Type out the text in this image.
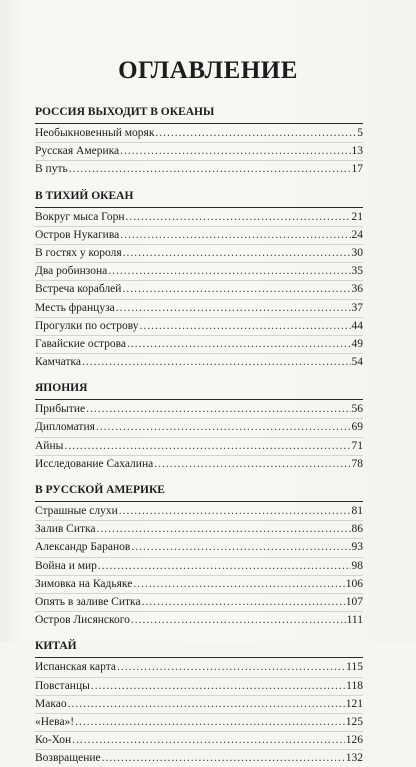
ОГЛАВЛЕНИЕ
РОССИЯ ВЫХОДИТ В ОКЕАНЫ
Необыкновенный моряк .....	5
Русская Америка .....	13
В путь .....	17
В ТИХИЙ ОКЕАН
Вокруг мыса Горн .....	21
Остров Нукагива .....	24
В гостях у короля .....	30
Два робинзона .....	35
Встреча кораблей .....	36
Месть француза .....	37
Прогулки по острову .....	44
Гавайские острова .....	49
Камчатка .....	54
ЯПОНИЯ
Прибытие .....	56
Дипломатия .....	69
Айны .....	71
Исследование Сахалина .....	78
В РУССКОЙ АМЕРИКЕ
Страшные слухи .....	81
Залив Ситка .....	86
Александр Баранов .....	93
Война и мир .....	98
Зимовка на Кадьяке .....	106
Опять в заливе Ситка .....	107
Остров Лисянского .....	111
КИТАЙ
Испанская карта .....	115
Повстанцы .....	118
Макао .....	121
«Нева»! .....	125
Ко-Хон .....	126
Возвращение .....	132
